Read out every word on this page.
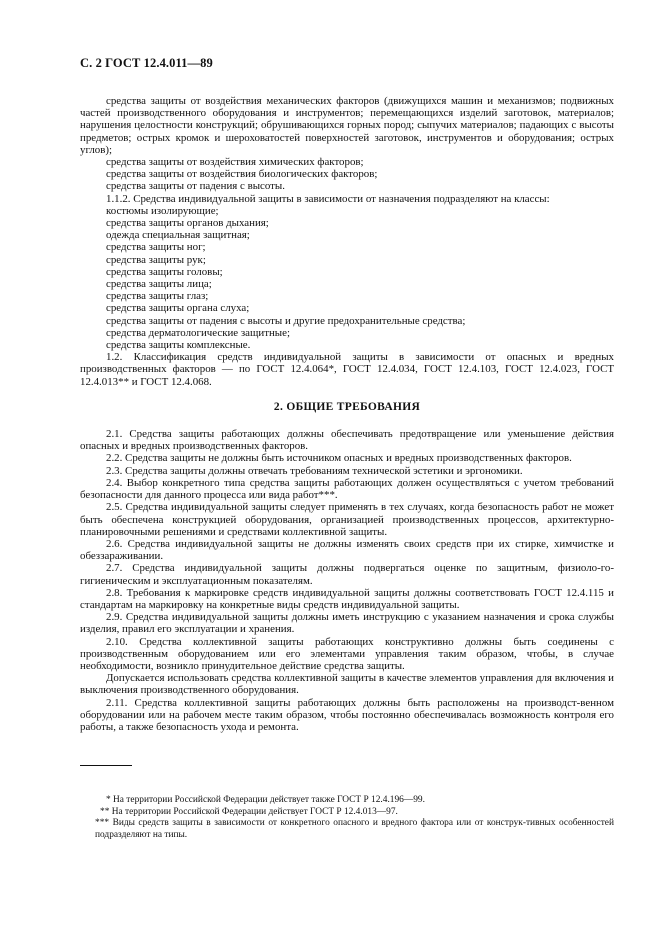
С. 2 ГОСТ 12.4.011—89

средства защиты от воздействия механических факторов (движущихся машин и механизмов; подвижных частей производственного оборудования и инструментов; перемещающихся изделий заготовок, материалов; нарушения целостности конструкций; обрушивающихся горных пород; сыпучих материалов; падающих с высоты предметов; острых кромок и шероховатостей поверхностей заготовок, инструментов и оборудования; острых углов);

средства защиты от воздействия химических факторов;

средства защиты от воздействия биологических факторов;

средства защиты от падения с высоты.

1.1.2. Средства индивидуальной защиты в зависимости от назначения подразделяют на классы:

костюмы изолирующие;

средства защиты органов дыхания;

одежда специальная защитная;

средства защиты ног;

средства защиты рук;

средства защиты головы;

средства защиты лица;

средства защиты глаз;

средства защиты органа слуха;

средства защиты от падения с высоты и другие предохранительные средства;

средства дерматологические защитные;

средства защиты комплексные.

1.2. Классификация средств индивидуальной защиты в зависимости от опасных и вредных производственных факторов — по ГОСТ 12.4.064*, ГОСТ 12.4.034, ГОСТ 12.4.103, ГОСТ 12.4.023, ГОСТ 12.4.013** и ГОСТ 12.4.068.

2. ОБЩИЕ ТРЕБОВАНИЯ

2.1. Средства защиты работающих должны обеспечивать предотвращение или уменьшение действия опасных и вредных производственных факторов.

2.2. Средства защиты не должны быть источником опасных и вредных производственных факторов.

2.3. Средства защиты должны отвечать требованиям технической эстетики и эргономики.

2.4. Выбор конкретного типа средства защиты работающих должен осуществляться с учетом требований безопасности для данного процесса или вида работ***.

2.5. Средства индивидуальной защиты следует применять в тех случаях, когда безопасность работ не может быть обеспечена конструкцией оборудования, организацией производственных процессов, архитектурно-планировочными решениями и средствами коллективной защиты.

2.6. Средства индивидуальной защиты не должны изменять своих средств при их стирке, химчистке и обеззараживании.

2.7. Средства индивидуальной защиты должны подвергаться оценке по защитным, физиоло-го-гигиеническим и эксплуатационным показателям.

2.8. Требования к маркировке средств индивидуальной защиты должны соответствовать ГОСТ 12.4.115 и стандартам на маркировку на конкретные виды средств индивидуальной защиты.

2.9. Средства индивидуальной защиты должны иметь инструкцию с указанием назначения и срока службы изделия, правил его эксплуатации и хранения.

2.10. Средства коллективной защиты работающих конструктивно должны быть соединены с производственным оборудованием или его элементами управления таким образом, чтобы, в случае необходимости, возникло принудительное действие средства защиты.

Допускается использовать средства коллективной защиты в качестве элементов управления для включения и выключения производственного оборудования.

2.11. Средства коллективной защиты работающих должны быть расположены на производст-венном оборудовании или на рабочем месте таким образом, чтобы постоянно обеспечивалась возможность контроля его работы, а также безопасность ухода и ремонта.

* На территории Российской Федерации действует также ГОСТ Р 12.4.196—99.

** На территории Российской Федерации действует ГОСТ Р 12.4.013—97.

*** Виды средств защиты в зависимости от конкретного опасного и вредного фактора или от конструк-тивных особенностей подразделяют на типы.
